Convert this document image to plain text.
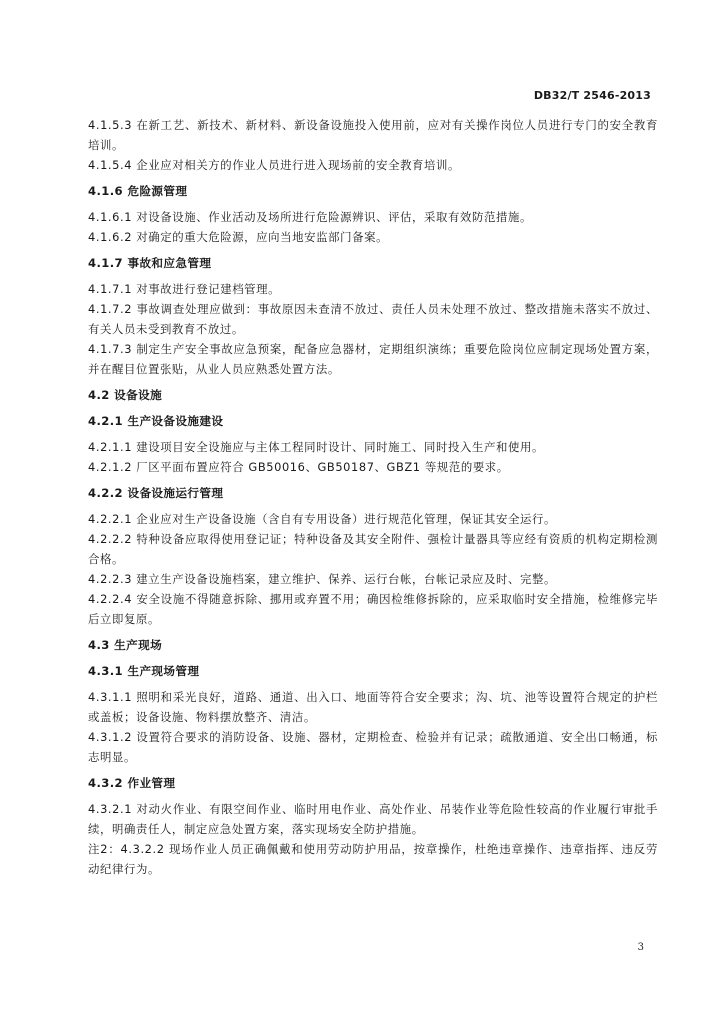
DB32/T 2546-2013

4.1.5.3 在新工艺、新技术、新材料、新设备设施投入使用前，应对有关操作岗位人员进行专门的安全教育培训。

4.1.5.4 企业应对相关方的作业人员进行进入现场前的安全教育培训。

4.1.6 危险源管理

4.1.6.1 对设备设施、作业活动及场所进行危险源辨识、评估，采取有效防范措施。

4.1.6.2 对确定的重大危险源，应向当地安监部门备案。

4.1.7 事故和应急管理

4.1.7.1 对事故进行登记建档管理。

4.1.7.2 事故调查处理应做到：事故原因未查清不放过、责任人员未处理不放过、整改措施未落实不放过、有关人员未受到教育不放过。

4.1.7.3 制定生产安全事故应急预案，配备应急器材，定期组织演练；重要危险岗位应制定现场处置方案，并在醒目位置张贴，从业人员应熟悉处置方法。

4.2 设备设施

4.2.1 生产设备设施建设

4.2.1.1 建设项目安全设施应与主体工程同时设计、同时施工、同时投入生产和使用。

4.2.1.2 厂区平面布置应符合 GB50016、GB50187、GBZ1 等规范的要求。

4.2.2 设备设施运行管理

4.2.2.1 企业应对生产设备设施（含自有专用设备）进行规范化管理，保证其安全运行。

4.2.2.2 特种设备应取得使用登记证；特种设备及其安全附件、强检计量器具等应经有资质的机构定期检测合格。

4.2.2.3 建立生产设备设施档案，建立维护、保养、运行台帐，台帐记录应及时、完整。

4.2.2.4 安全设施不得随意拆除、挪用或弃置不用；确因检维修拆除的，应采取临时安全措施，检维修完毕后立即复原。

4.3 生产现场

4.3.1 生产现场管理

4.3.1.1 照明和采光良好，道路、通道、出入口、地面等符合安全要求；沟、坑、池等设置符合规定的护栏或盖板；设备设施、物料摆放整齐、清洁。

4.3.1.2 设置符合要求的消防设备、设施、器材，定期检查、检验并有记录；疏散通道、安全出口畅通，标志明显。

4.3.2 作业管理

4.3.2.1 对动火作业、有限空间作业、临时用电作业、高处作业、吊装作业等危险性较高的作业履行审批手续，明确责任人，制定应急处置方案，落实现场安全防护措施。

注2：4.3.2.2 现场作业人员正确佩戴和使用劳动防护用品，按章操作，杜绝违章操作、违章指挥、违反劳动纪律行为。

3
